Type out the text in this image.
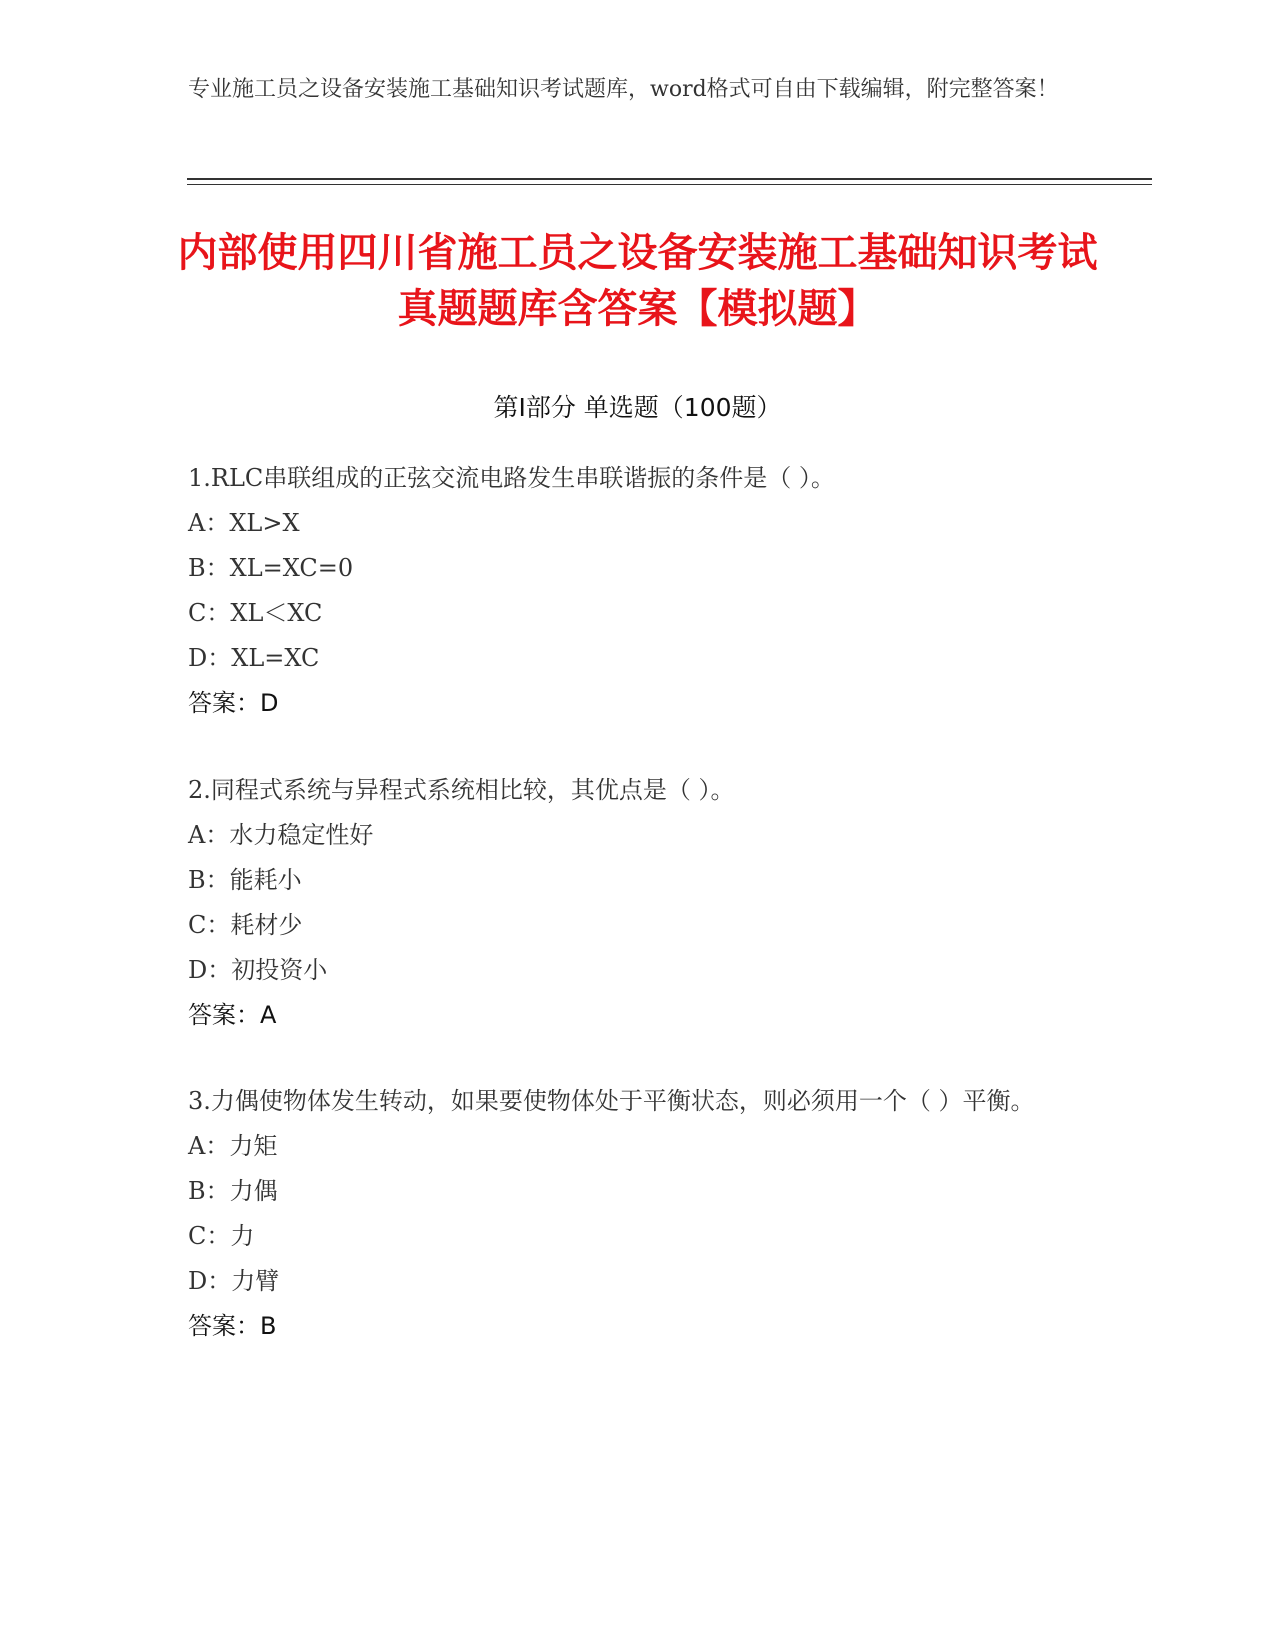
专业施工员之设备安装施工基础知识考试题库，word格式可自由下载编辑，附完整答案！
内部使用四川省施工员之设备安装施工基础知识考试真题题库含答案【模拟题】
第Ⅰ部分 单选题（100题）
1.RLC串联组成的正弦交流电路发生串联谐振的条件是（ ）。
A：XL>X
B：XL=XC=0
C：XL＜XC
D：XL=XC
答案：D
2.同程式系统与异程式系统相比较，其优点是（ ）。
A：水力稳定性好
B：能耗小
C：耗材少
D：初投资小
答案：A
3.力偶使物体发生转动，如果要使物体处于平衡状态，则必须用一个（ ）平衡。
A：力矩
B：力偶
C：力
D：力臂
答案：B
